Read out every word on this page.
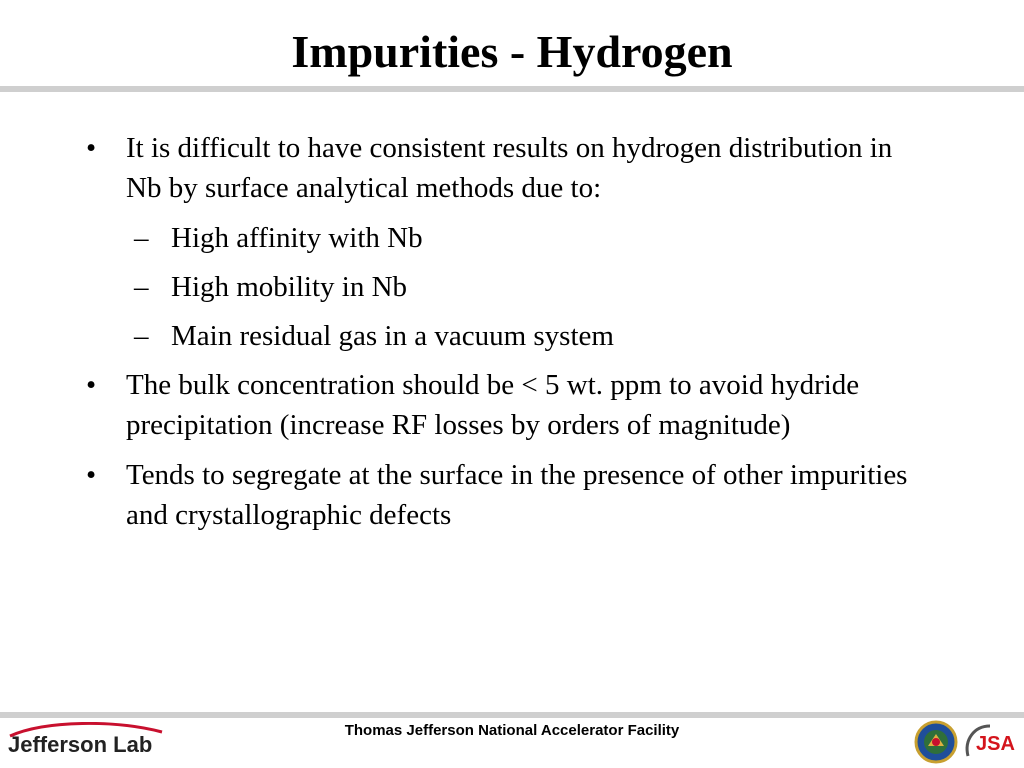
Impurities - Hydrogen
•	It is difficult to have consistent results on hydrogen distribution in Nb by surface analytical methods due to:
– High affinity with Nb
– High mobility in Nb
– Main residual gas in a vacuum system
•	The bulk concentration should be < 5 wt. ppm to avoid hydride precipitation (increase RF losses by orders of magnitude)
•	Tends to segregate at the surface in the presence of other impurities and crystallographic defects
Jefferson Lab
Thomas Jefferson National Accelerator Facility
JSA
